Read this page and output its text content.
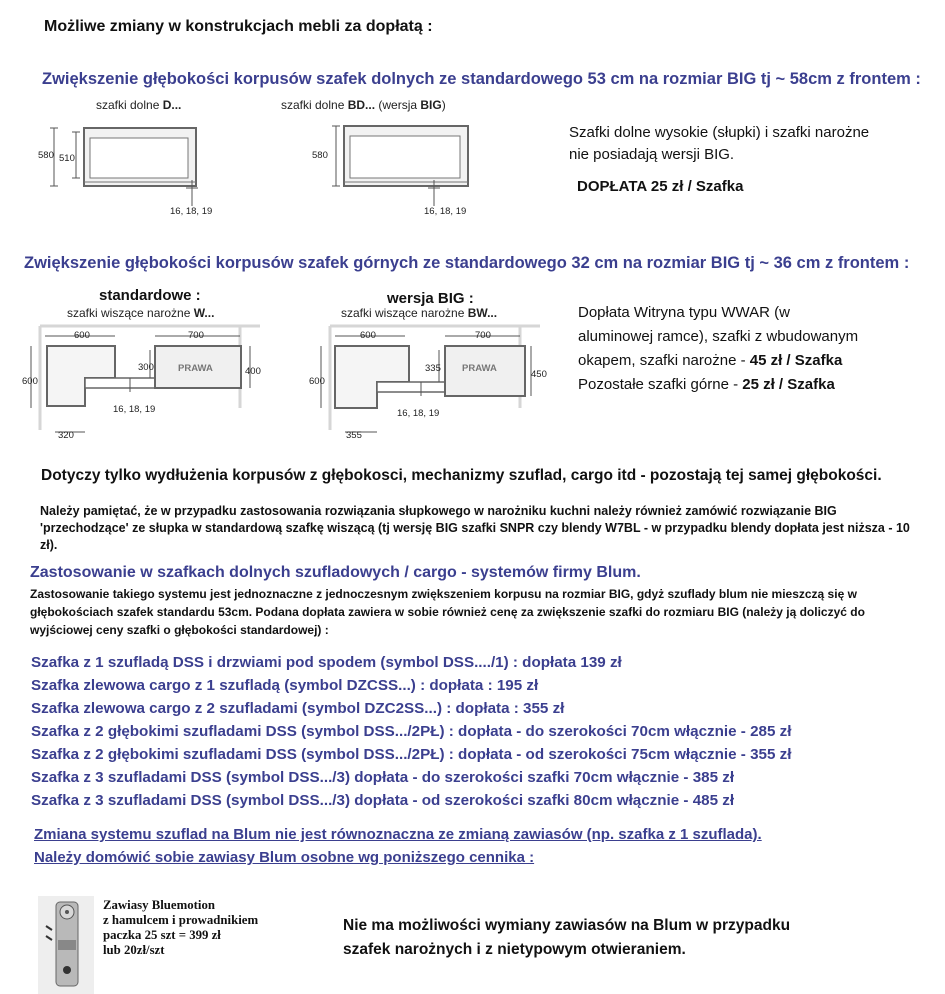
Możliwe zmiany w konstrukcjach mebli za dopłatą :
Zwiększenie głębokości korpusów szafek dolnych ze standardowego 53 cm na rozmiar BIG tj ~ 58cm z frontem :
szafki dolne D...	szafki dolne BD... (wersja BIG)
580 510
16, 18, 19
580
16, 18, 19
Szafki dolne wysokie (słupki) i szafki narożne
nie posiadają wersji BIG.
DOPŁATA 25 zł / Szafka
Zwiększenie głębokości korpusów szafek górnych ze standardowego 32 cm na rozmiar BIG tj ~ 36 cm z frontem :
standardowe :	wersja BIG :
szafki wiszące narożne W...	szafki wiszące narożne BW...
600	700
600
300	PRAWA	400
16, 18, 19
320
600	700
600
335 PRAWA
450
16, 18, 19
355
Dopłata Witryna typu WWAR (w
aluminowej ramce), szafki z wbudowanym
okapem, szafki narożne - 45 zł / Szafka
Pozostałe szafki górne - 25 zł / Szafka
Dotyczy tylko wydłużenia korpusów z głębokosci, mechanizmy szuflad, cargo itd - pozostają tej samej głębokości.
Należy pamiętać, że w przypadku zastosowania rozwiązania słupkowego w narożniku kuchni należy również zamówić rozwiązanie BIG 'przechodzące' ze słupka w standardową szafkę wiszącą (tj wersję BIG szafki SNPR czy blendy W7BL - w przypadku blendy dopłata jest niższa - 10 zł).
Zastosowanie w szafkach dolnych szufladowych / cargo - systemów firmy Blum.
Zastosowanie takiego systemu jest jednoznaczne z jednoczesnym zwiększeniem korpusu na rozmiar BIG, gdyż szuflady blum nie mieszczą się w głębokościach szafek standardu 53cm. Podana dopłata zawiera w sobie również cenę za zwiększenie szafki do rozmiaru BIG (należy ją doliczyć do wyjściowej ceny szafki o głębokości standardowej) :
Szafka z 1 szufladą DSS i drzwiami pod spodem (symbol DSS..../1) : dopłata 139 zł
Szafka zlewowa cargo z 1 szufladą (symbol DZCSS...) : dopłata : 195 zł
Szafka zlewowa cargo z 2 szufladami (symbol DZC2SS...) : dopłata : 355 zł
Szafka z 2 głębokimi szufladami DSS (symbol DSS.../2PŁ) : dopłata - do szerokości 70cm włącznie - 285 zł
Szafka z 2 głębokimi szufladami DSS (symbol DSS.../2PŁ) : dopłata - od szerokości 75cm włącznie - 355 zł
Szafka z 3 szufladami DSS (symbol DSS.../3) dopłata - do szerokości szafki 70cm włącznie - 385 zł
Szafka z 3 szufladami DSS (symbol DSS.../3) dopłata - od szerokości szafki 80cm włącznie - 485 zł
Zmiana systemu szuflad na Blum nie jest równoznaczna ze zmianą zawiasów (np. szafka z 1 szuflada).
Należy domówić sobie zawiasy Blum osobne wg poniższego cennika :
Zawiasy Bluemotion
z hamulcem i prowadnikiem
paczka 25 szt = 399 zł
lub 20zł/szt
Nie ma możliwości wymiany zawiasów na Blum w przypadku
szafek narożnych i z nietypowym otwieraniem.
